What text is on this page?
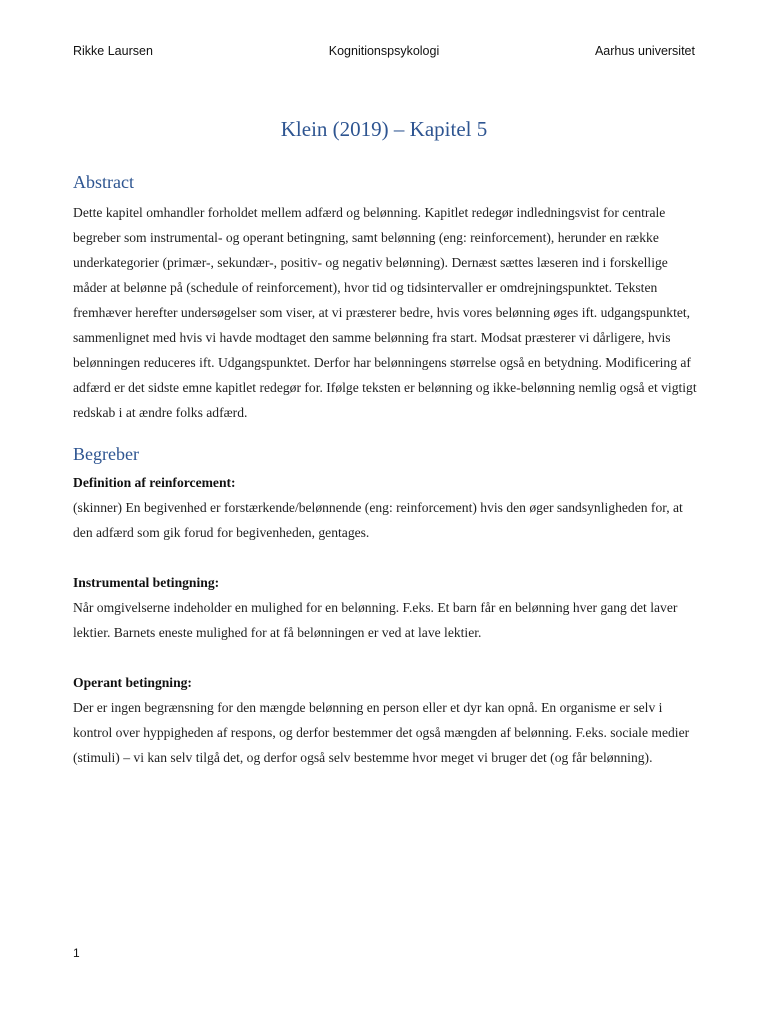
Rikke Laursen	Kognitionspsykologi	Aarhus universitet
Klein (2019) – Kapitel 5
Abstract

Dette kapitel omhandler forholdet mellem adfærd og belønning. Kapitlet redegør indledningsvist for centrale begreber som instrumental- og operant betingning, samt belønning (eng: reinforcement), herunder en række underkategorier (primær-, sekundær-, positiv- og negativ belønning). Dernæst sættes læseren ind i forskellige måder at belønne på (schedule of reinforcement), hvor tid og tidsintervaller er omdrejningspunktet. Teksten fremhæver herefter undersøgelser som viser, at vi præsterer bedre, hvis vores belønning øges ift. udgangspunktet, sammenlignet med hvis vi havde modtaget den samme belønning fra start. Modsat præsterer vi dårligere, hvis belønningen reduceres ift. Udgangspunktet. Derfor har belønningens størrelse også en betydning. Modificering af adfærd er det sidste emne kapitlet redegør for. Ifølge teksten er belønning og ikke-belønning nemlig også et vigtigt redskab i at ændre folks adfærd.

Begreber
Definition af reinforcement:

(skinner) En begivenhed er forstærkende/belønnende (eng: reinforcement) hvis den øger sandsynligheden for, at den adfærd som gik forud for begivenheden, gentages.

Instrumental betingning:

Når omgivelserne indeholder en mulighed for en belønning. F.eks. Et barn får en belønning hver gang det laver lektier. Barnets eneste mulighed for at få belønningen er ved at lave lektier.

Operant betingning:

Der er ingen begrænsning for den mængde belønning en person eller et dyr kan opnå. En organisme er selv i kontrol over hyppigheden af respons, og derfor bestemmer det også mængden af belønning. F.eks. sociale medier (stimuli) – vi kan selv tilgå det, og derfor også selv bestemme hvor meget vi bruger det (og får belønning).

1
